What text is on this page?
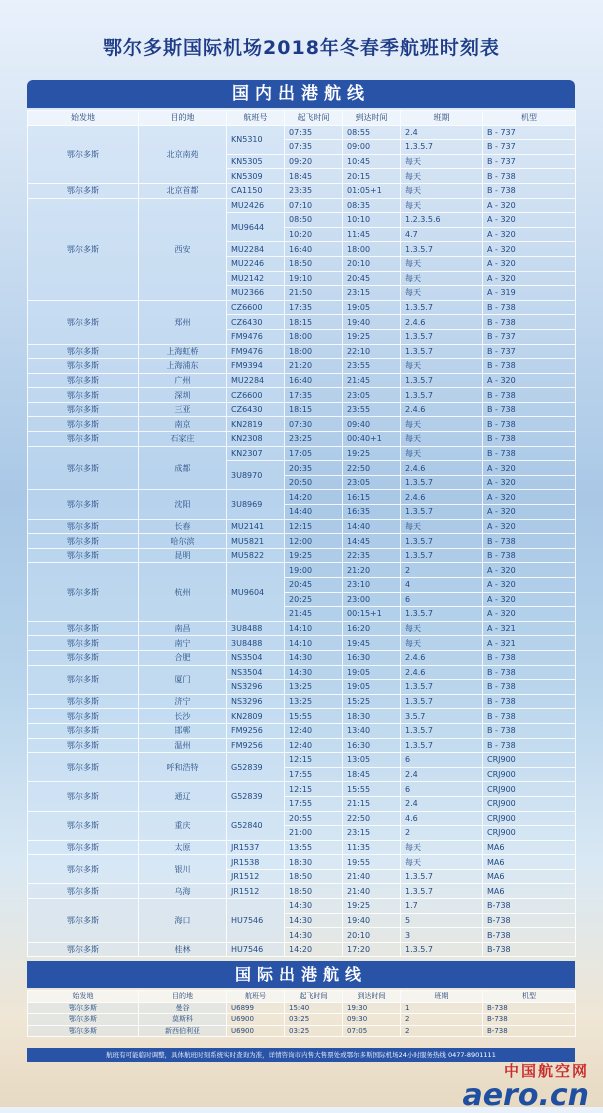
鄂尔多斯国际机场2018年冬春季航班时刻表
国内出港航线
始发地	目的地	航班号	起飞时间	到达时间	班期	机型
鄂尔多斯	北京南苑	KN5310	07:35	08:55	2.4	B - 737
			07:35	09:00	1.3.5.7	B - 737
		KN5305	09:20	10:45	每天	B - 737
		KN5309	18:45	20:15	每天	B - 738
鄂尔多斯	北京首都	CA1150	23:35	01:05+1	每天	B - 738
鄂尔多斯	西安	MU2426	07:10	08:35	每天	A - 320
		MU9644	08:50	10:10	1.2.3.5.6	A - 320
			10:20	11:45	4.7	A - 320
		MU2284	16:40	18:00	1.3.5.7	A - 320
		MU2246	18:50	20:10	每天	A - 320
		MU2142	19:10	20:45	每天	A - 320
		MU2366	21:50	23:15	每天	A - 319
鄂尔多斯	郑州	CZ6600	17:35	19:05	1.3.5.7	B - 738
		CZ6430	18:15	19:40	2.4.6	B - 738
		FM9476	18:00	19:25	1.3.5.7	B - 737
鄂尔多斯	上海虹桥	FM9476	18:00	22:10	1.3.5.7	B - 737
鄂尔多斯	上海浦东	FM9394	21:20	23:55	每天	B - 738
鄂尔多斯	广州	MU2284	16:40	21:45	1.3.5.7	A - 320
鄂尔多斯	深圳	CZ6600	17:35	23:05	1.3.5.7	B - 738
鄂尔多斯	三亚	CZ6430	18:15	23:55	2.4.6	B - 738
鄂尔多斯	南京	KN2819	07:30	09:40	每天	B - 738
鄂尔多斯	石家庄	KN2308	23:25	00:40+1	每天	B - 738
鄂尔多斯	成都	KN2307	17:05	19:25	每天	B - 738
		3U8970	20:35	22:50	2.4.6	A - 320
			20:50	23:05	1.3.5.7	A - 320
鄂尔多斯	沈阳	3U8969	14:20	16:15	2.4.6	A - 320
			14:40	16:35	1.3.5.7	A - 320
鄂尔多斯	长春	MU2141	12:15	14:40	每天	A - 320
鄂尔多斯	哈尔滨	MU5821	12:00	14:45	1.3.5.7	B - 738
鄂尔多斯	昆明	MU5822	19:25	22:35	1.3.5.7	B - 738
鄂尔多斯	杭州	MU9604	19:00	21:20	2	A - 320
			20:45	23:10	4	A - 320
			20:25	23:00	6	A - 320
			21:45	00:15+1	1.3.5.7	A - 320
鄂尔多斯	南昌	3U8488	14:10	16:20	每天	A - 321
鄂尔多斯	南宁	3U8488	14:10	19:45	每天	A - 321
鄂尔多斯	合肥	NS3504	14:30	16:30	2.4.6	B - 738
鄂尔多斯	厦门	NS3504	14:30	19:05	2.4.6	B - 738
		NS3296	13:25	19:05	1.3.5.7	B - 738
鄂尔多斯	济宁	NS3296	13:25	15:25	1.3.5.7	B - 738
鄂尔多斯	长沙	KN2809	15:55	18:30	3.5.7	B - 738
鄂尔多斯	邯郸	FM9256	12:40	13:40	1.3.5.7	B - 738
鄂尔多斯	温州	FM9256	12:40	16:30	1.3.5.7	B - 738
鄂尔多斯	呼和浩特	G52839	12:15	13:05	6	CRJ900
			17:55	18:45	2.4	CRJ900
鄂尔多斯	通辽	G52839	12:15	15:55	6	CRJ900
			17:55	21:15	2.4	CRJ900
鄂尔多斯	重庆	G52840	20:55	22:50	4.6	CRJ900
			21:00	23:15	2	CRJ900
鄂尔多斯	太原	JR1537	13:55	11:35	每天	MA6
鄂尔多斯	银川	JR1538	18:30	19:55	每天	MA6
		JR1512	18:50	21:40	1.3.5.7	MA6
鄂尔多斯	乌海	JR1512	18:50	21:40	1.3.5.7	MA6
鄂尔多斯	海口	HU7546	14:30	19:25	1.7	B-738
			14:30	19:40	5	B-738
			14:30	20:10	3	B-738
鄂尔多斯	桂林	HU7546	14:20	17:20	1.3.5.7	B-738
国际出港航线
始发地	目的地	航班号	起飞时间	到达时间	班期	机型
鄂尔多斯	曼谷	U6899	15:40	19:30	1	B-738
鄂尔多斯	莫斯科	U6900	03:25	09:30	2	B-738
鄂尔多斯	新西伯利亚	U6900	03:25	07:05	2	B-738
航班有可能临时调整，具体航班时刻系统实时查询为准，详情咨询市内售大售票处或鄂尔多斯国际机场24小时服务热线 0477-8901111
中国航空网
aero.cn
